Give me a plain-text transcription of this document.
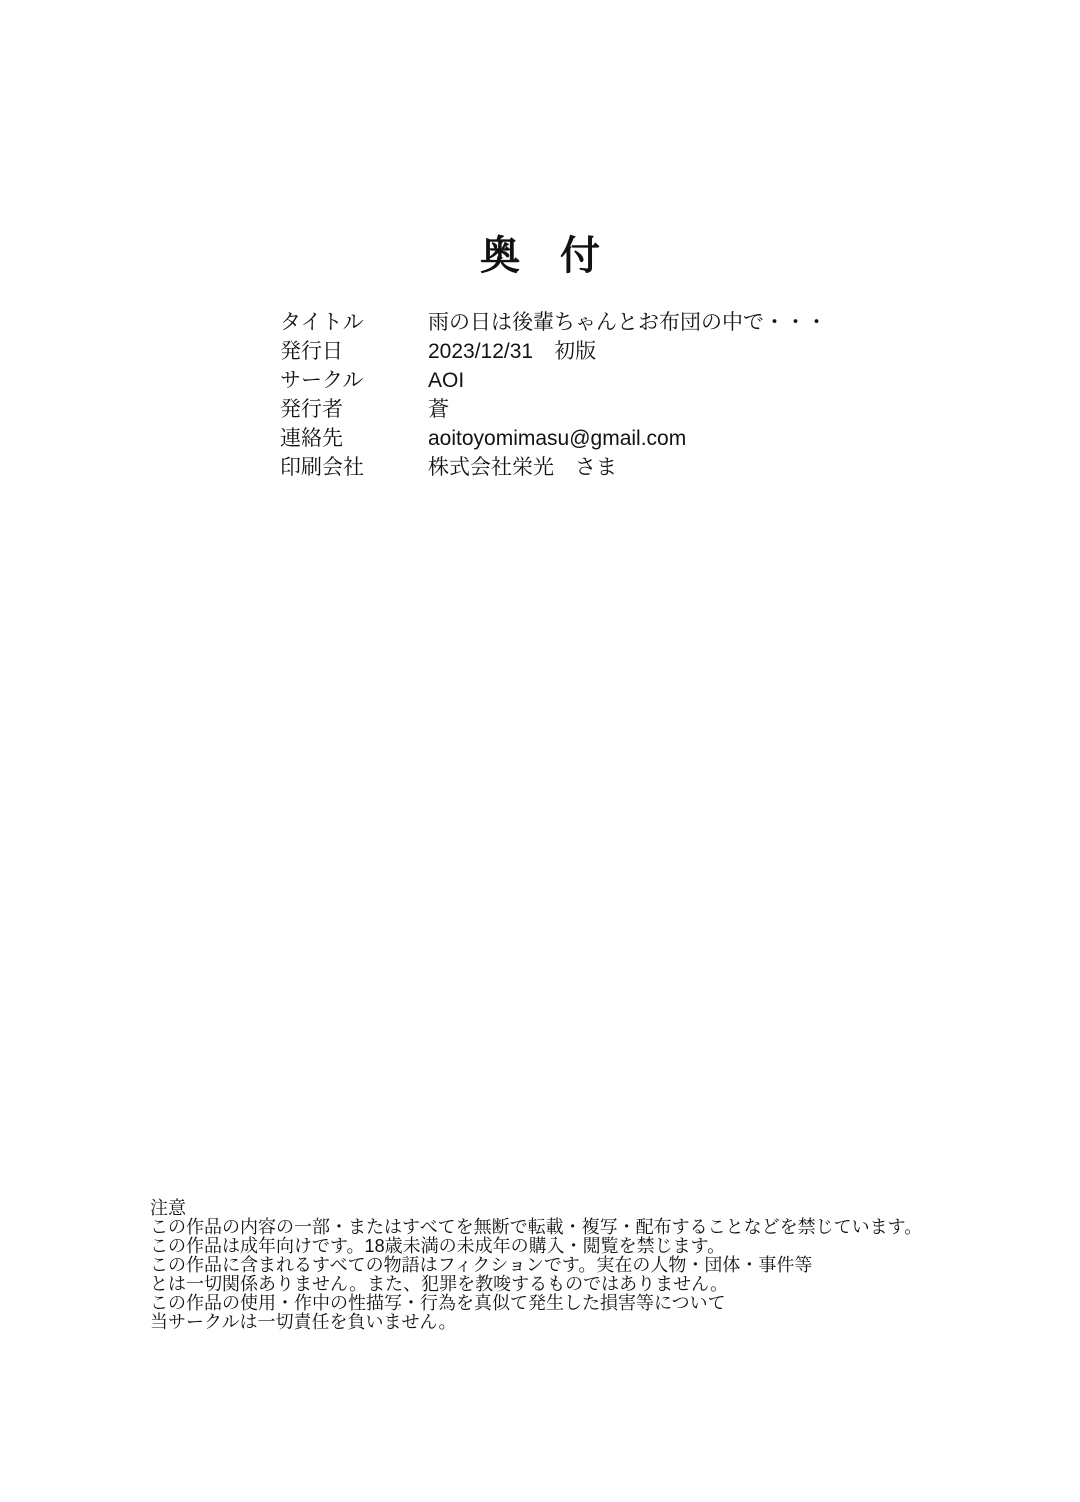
奥　付
タイトル	雨の日は後輩ちゃんとお布団の中で・・・
発行日	2023/12/31　初版
サークル	AOI
発行者	蒼
連絡先	aoitoyomimasu@gmail.com
印刷会社	株式会社栄光　さま
注意
この作品の内容の一部・またはすべてを無断で転載・複写・配布することなどを禁じています。
この作品は成年向けです。18歳未満の未成年の購入・閲覧を禁じます。
この作品に含まれるすべての物語はフィクションです。実在の人物・団体・事件等
とは一切関係ありません。また、犯罪を教唆するものではありません。
この作品の使用・作中の性描写・行為を真似て発生した損害等について
当サークルは一切責任を負いません。
